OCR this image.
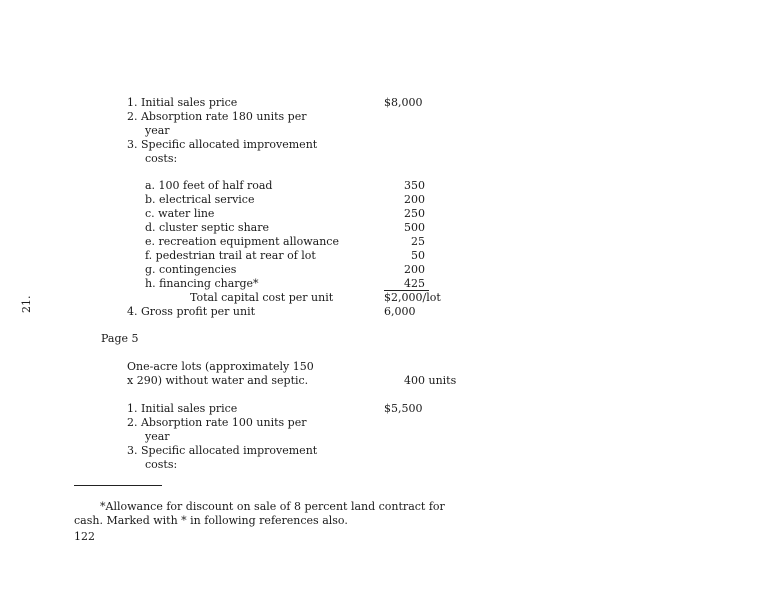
21.
1. Initial sales price	$8,000
2. Absorption rate 180 units per
year
3. Specific allocated improvement
costs:
a. 100 feet of half road	350
b. electrical service	200
c. water line	250
d. cluster septic share	500
e. recreation equipment allowance	25
f. pedestrian trail at rear of lot	50
g. contingencies	200
h. financing charge*	425
Total capital cost per unit	$2,000/lot
4. Gross profit per unit	6,000
Page 5
One-acre lots (approximately 150
x 290) without water and septic.	400 units
1. Initial sales price	$5,500
2. Absorption rate 100 units per
year
3. Specific allocated improvement
costs:
*Allowance for discount on sale of 8 percent land contract for
cash. Marked with * in following references also.
122
